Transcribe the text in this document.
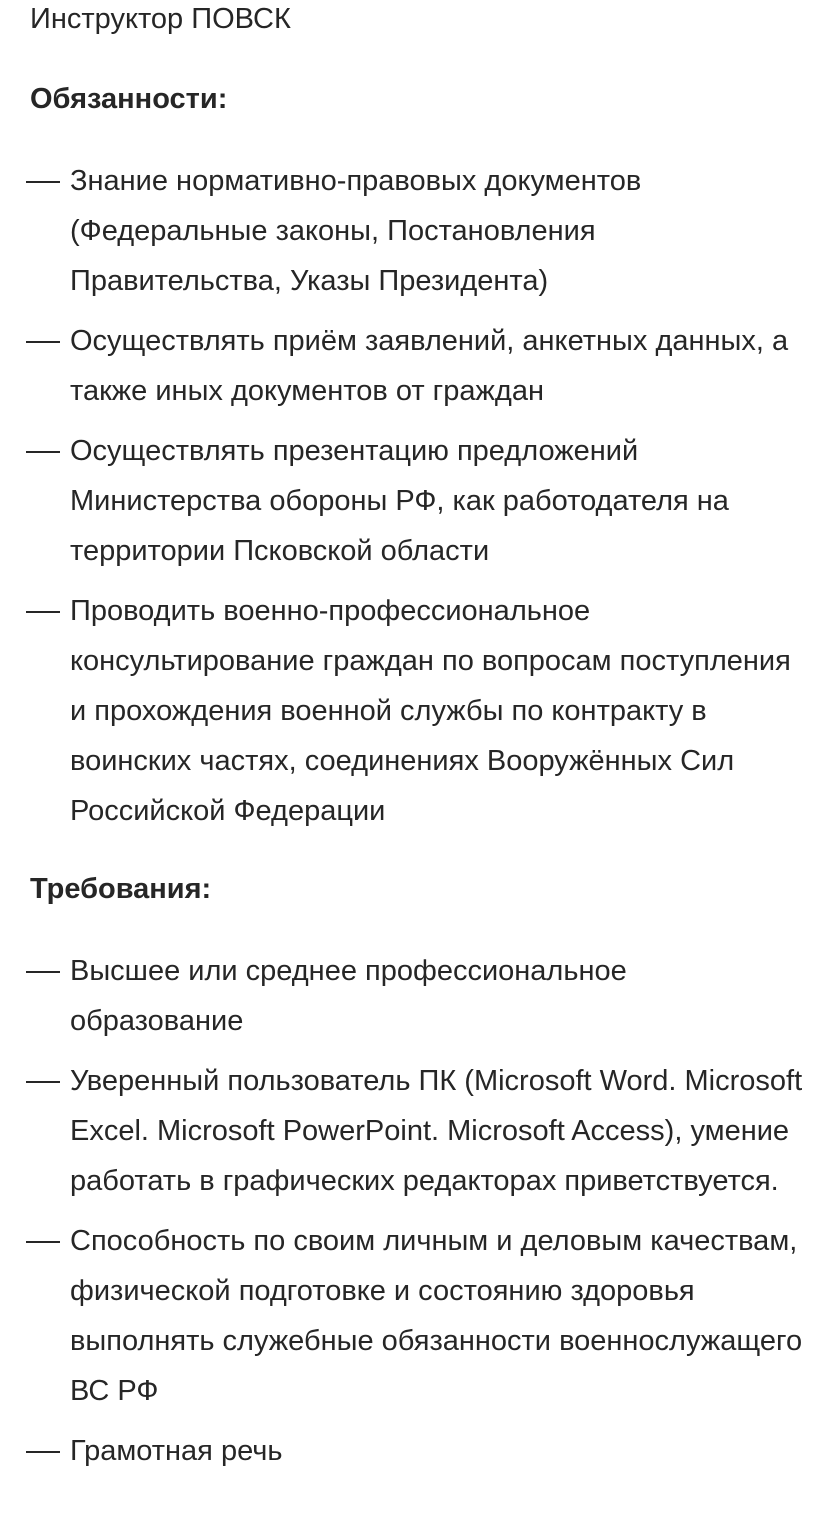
Инструктор ПОВСК

Обязанности:
Знание нормативно-правовых документов (Федеральные законы, Постановления Правительства, Указы Президента)
Осуществлять приём заявлений, анкетных данных, а также иных документов от граждан
Осуществлять презентацию предложений Министерства обороны РФ, как работодателя на территории Псковской области
Проводить военно-профессиональное консультирование граждан по вопросам поступления и прохождения военной службы по контракту в воинских частях, соединениях Вооружённых Сил Российской Федерации
Требования:
Высшее или среднее профессиональное образование
Уверенный пользователь ПК (Microsoft Word. Microsoft Excel. Microsoft PowerPoint. Microsoft Access), умение работать в графических редакторах приветствуется.
Способность по своим личным и деловым качествам, физической подготовке и состоянию здоровья выполнять служебные обязанности военнослужащего ВС РФ
Грамотная речь
